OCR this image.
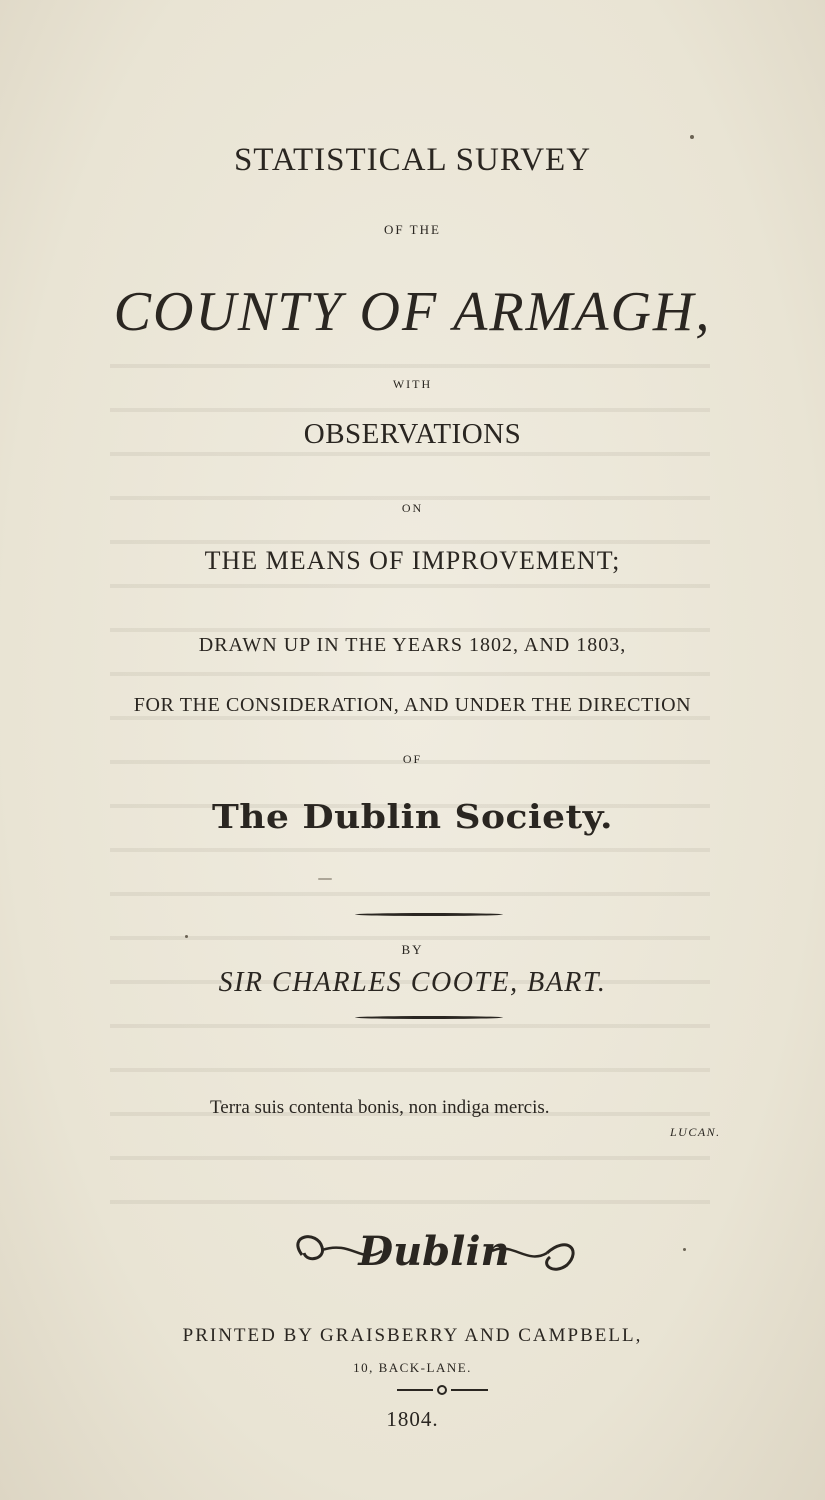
STATISTICAL SURVEY
OF THE
COUNTY OF ARMAGH,
WITH
OBSERVATIONS
ON
THE MEANS OF IMPROVEMENT;
DRAWN UP IN THE YEARS 1802, AND 1803,
FOR THE CONSIDERATION, AND UNDER THE DIRECTION
OF
The Dublin Society.
BY
SIR CHARLES COOTE, BART.
Terra suis contenta bonis, non indiga mercis.
LUCAN.
Dublin
PRINTED BY GRAISBERRY AND CAMPBELL,
10, BACK-LANE.
1804.
